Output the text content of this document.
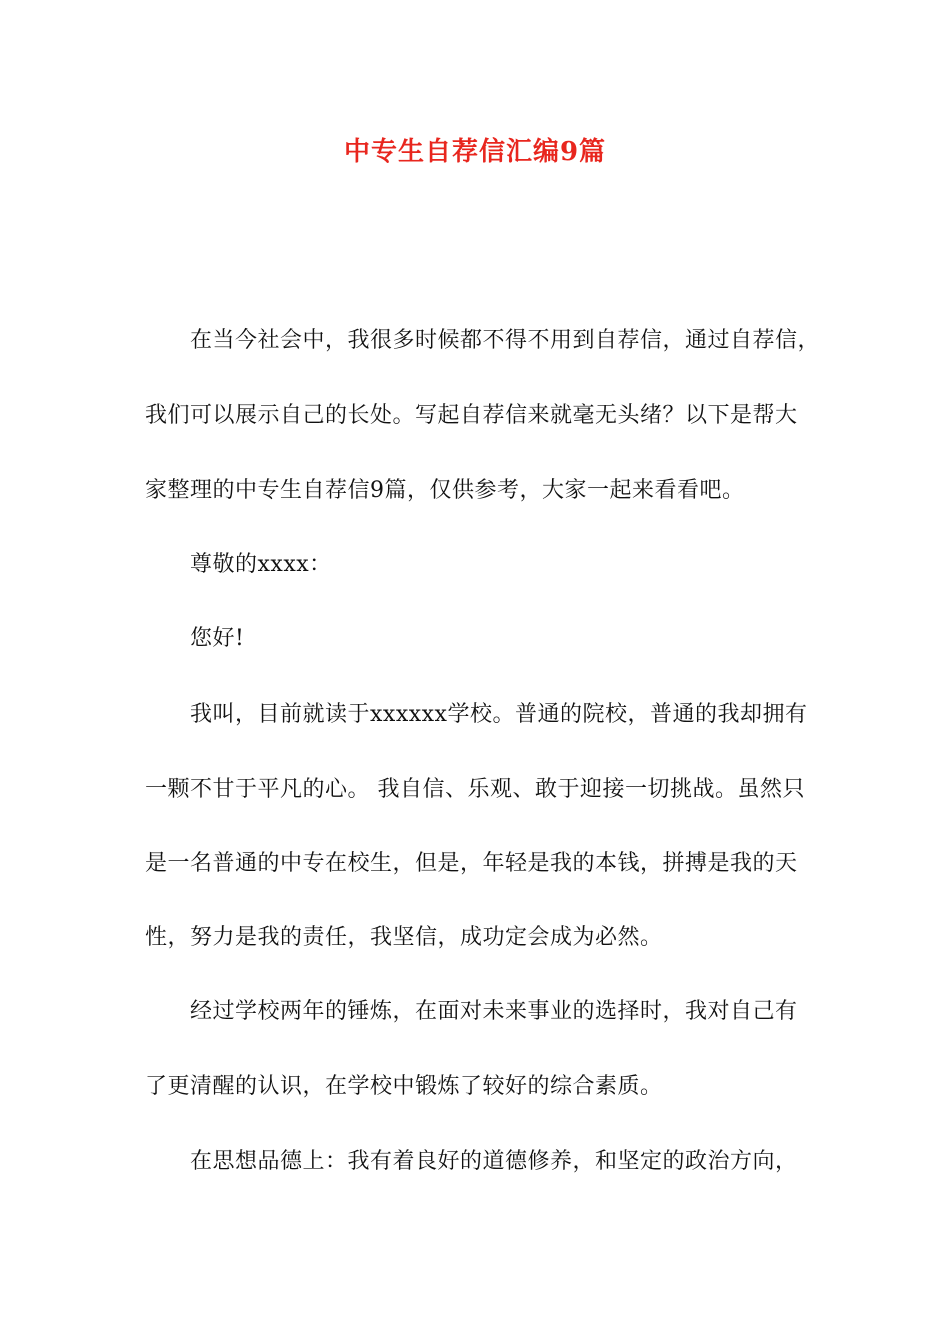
中专生自荐信汇编9篇
在当今社会中，我很多时候都不得不用到自荐信，通过自荐信，
我们可以展示自己的长处。写起自荐信来就毫无头绪？以下是帮大
家整理的中专生自荐信9篇，仅供参考，大家一起来看看吧。
尊敬的xxxx：
您好!
我叫，目前就读于xxxxxx学校。普通的院校，普通的我却拥有
一颗不甘于平凡的心。 我自信、乐观、敢于迎接一切挑战。虽然只
是一名普通的中专在校生，但是，年轻是我的本钱，拼搏是我的天
性，努力是我的责任，我坚信，成功定会成为必然。
经过学校两年的锤炼，在面对未来事业的选择时，我对自己有
了更清醒的认识，在学校中锻炼了较好的综合素质。
在思想品德上：我有着良好的道德修养，和坚定的政治方向，
